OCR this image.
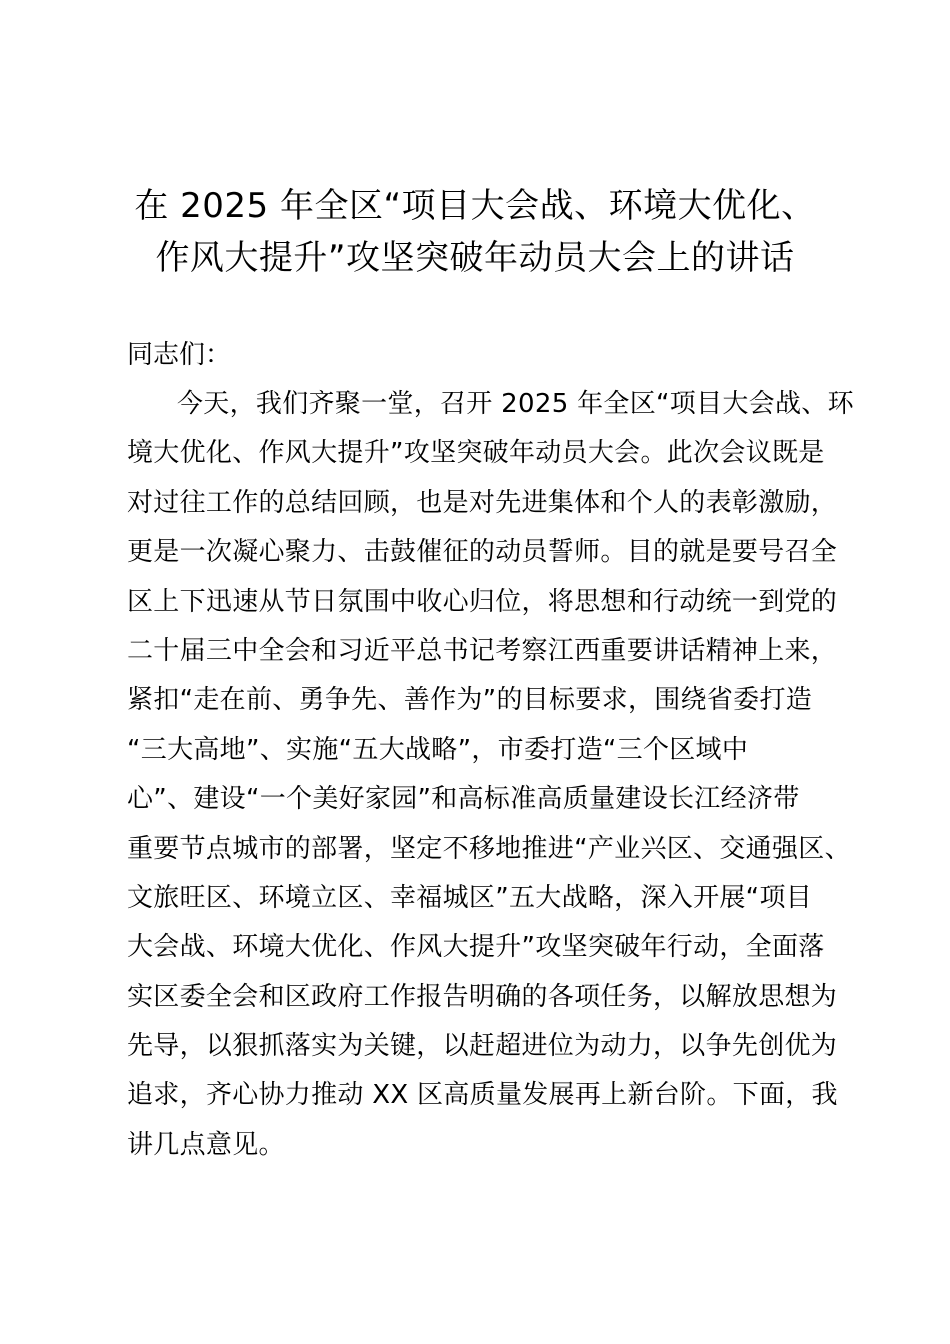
在 2025 年全区“项目大会战、环境大优化、
作风大提升”攻坚突破年动员大会上的讲话
同志们：
今天，我们齐聚一堂，召开 2025 年全区“项目大会战、环
境大优化、作风大提升”攻坚突破年动员大会。此次会议既是
对过往工作的总结回顾，也是对先进集体和个人的表彰激励，
更是一次凝心聚力、击鼓催征的动员誓师。目的就是要号召全
区上下迅速从节日氛围中收心归位，将思想和行动统一到党的
二十届三中全会和习近平总书记考察江西重要讲话精神上来，
紧扣“走在前、勇争先、善作为”的目标要求，围绕省委打造
“三大高地”、实施“五大战略”，市委打造“三个区域中
心”、建设“一个美好家园”和高标准高质量建设长江经济带
重要节点城市的部署，坚定不移地推进“产业兴区、交通强区、
文旅旺区、环境立区、幸福城区”五大战略，深入开展“项目
大会战、环境大优化、作风大提升”攻坚突破年行动，全面落
实区委全会和区政府工作报告明确的各项任务，以解放思想为
先导，以狠抓落实为关键，以赶超进位为动力，以争先创优为
追求，齐心协力推动 XX 区高质量发展再上新台阶。下面，我
讲几点意见。
